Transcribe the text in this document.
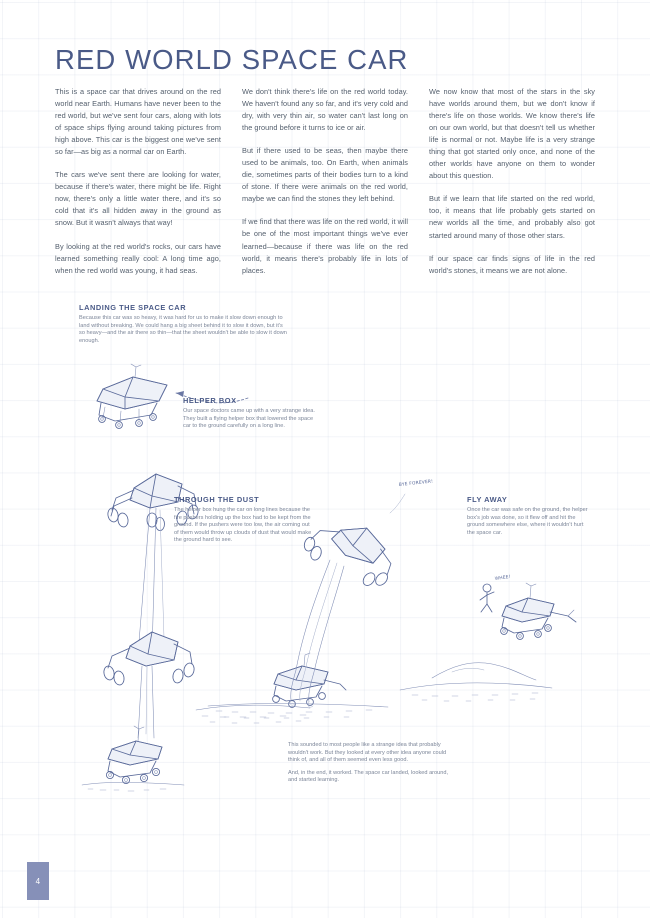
RED WORLD SPACE CAR

This is a space car that drives around on the red world near Earth. Humans have never been to the red world, but we've sent four cars, along with lots of space ships flying around taking pictures from high above. This car is the biggest one we've sent so far—as big as a normal car on Earth.

The cars we've sent there are looking for water, because if there's water, there might be life. Right now, there's only a little water there, and it's so cold that it's all hidden away in the ground as snow. But it wasn't always that way!

By looking at the red world's rocks, our cars have learned something really cool: A long time ago, when the red world was young, it had seas.

We don't think there's life on the red world today. We haven't found any so far, and it's very cold and dry, with very thin air, so water can't last long on the ground before it turns to ice or air.

But if there used to be seas, then maybe there used to be animals, too. On Earth, when animals die, sometimes parts of their bodies turn to a kind of stone. If there were animals on the red world, maybe we can find the stones they left behind.

If we find that there was life on the red world, it will be one of the most important things we've ever learned—because if there was life on the red world, it means there's probably life in lots of places.

We now know that most of the stars in the sky have worlds around them, but we don't know if there's life on those worlds. We know there's life on our own world, but that doesn't tell us whether life is normal or not. Maybe life is a very strange thing that got started only once, and none of the other worlds have anyone on them to wonder about this question.

But if we learn that life started on the red world, too, it means that life probably gets started on new worlds all the time, and probably also got started around many of those other stars.

If our space car finds signs of life in the red world's stones, it means we are not alone.

BYE FOREVER!
WHEE!
LANDING THE SPACE CAR

Because this car was so heavy, it was hard for us to make it slow down enough to land without breaking. We could hang a big sheet behind it to slow it down, but it's so heavy—and the air there so thin—that the sheet wouldn't be able to slow it down enough.

HELPER BOX

Our space doctors came up with a very strange idea. They built a flying helper box that lowered the space car to the ground carefully on a long line.

THROUGH THE DUST

The helper box hung the car on long lines because the fire pushers holding up the box had to be kept from the ground. If the pushers were too low, the air coming out of them would throw up clouds of dust that would make the ground hard to see.

FLY AWAY

Once the car was safe on the ground, the helper box's job was done, so it flew off and hit the ground somewhere else, where it wouldn't hurt the space car.

This sounded to most people like a strange idea that probably wouldn't work. But they looked at every other idea anyone could think of, and all of them seemed even less good.

And, in the end, it worked. The space car landed, looked around, and started learning.

4
